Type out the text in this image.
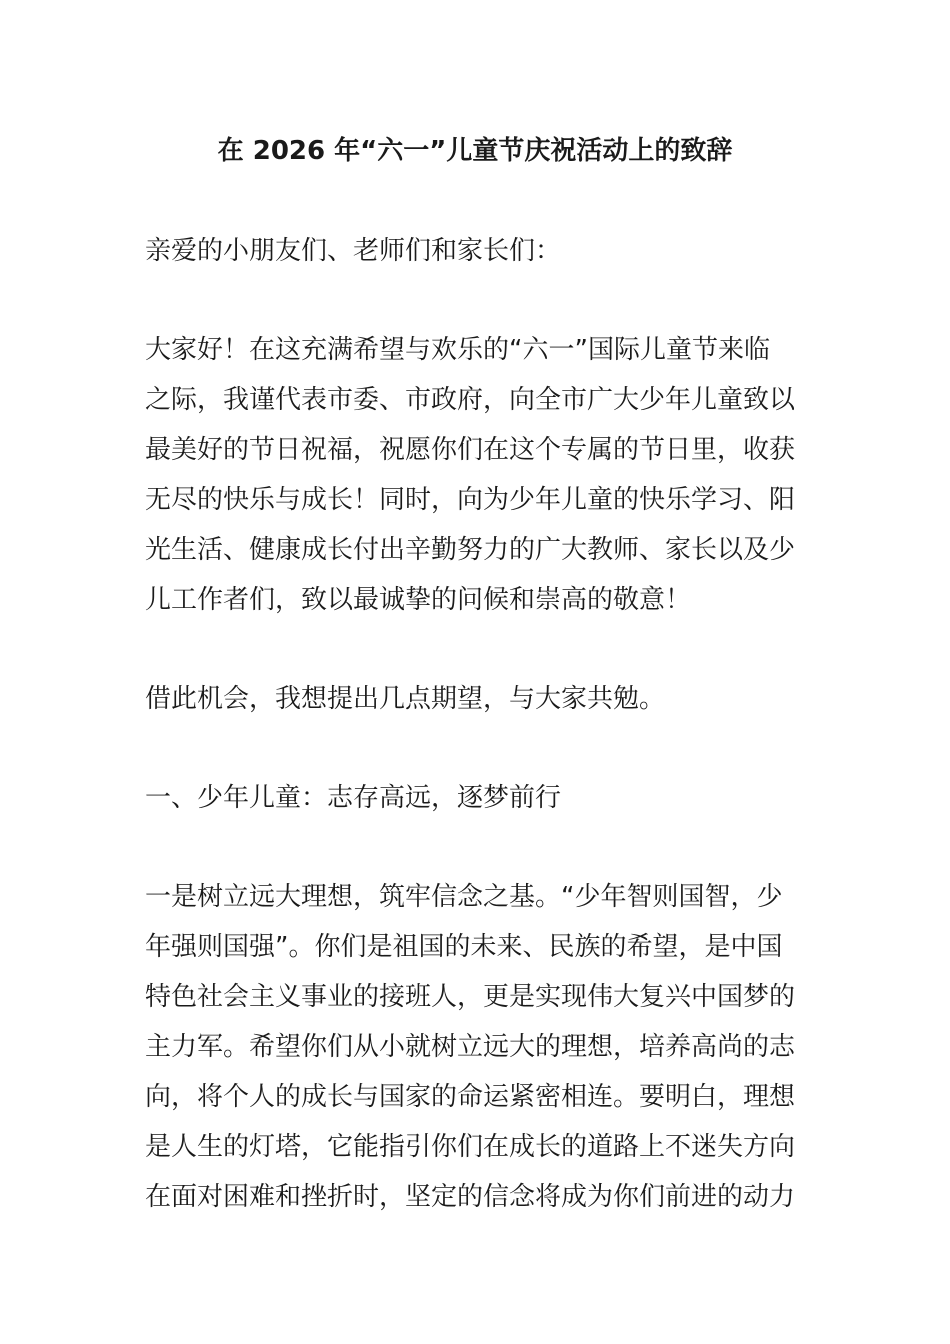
在 2026 年“六一”儿童节庆祝活动上的致辞

亲爱的小朋友们、老师们和家长们：

大家好！在这充满希望与欢乐的“六一”国际儿童节来临
之际，我谨代表市委、市政府，向全市广大少年儿童致以
最美好的节日祝福，祝愿你们在这个专属的节日里，收获
无尽的快乐与成长！同时，向为少年儿童的快乐学习、阳
光生活、健康成长付出辛勤努力的广大教师、家长以及少
儿工作者们，致以最诚挚的问候和崇高的敬意！

借此机会，我想提出几点期望，与大家共勉。

一、少年儿童：志存高远，逐梦前行

一是树立远大理想，筑牢信念之基。“少年智则国智，少
年强则国强”。你们是祖国的未来、民族的希望，是中国
特色社会主义事业的接班人，更是实现伟大复兴中国梦的
主力军。希望你们从小就树立远大的理想，培养高尚的志
向，将个人的成长与国家的命运紧密相连。要明白，理想
是人生的灯塔，它能指引你们在成长的道路上不迷失方向
在面对困难和挫折时，坚定的信念将成为你们前进的动力
